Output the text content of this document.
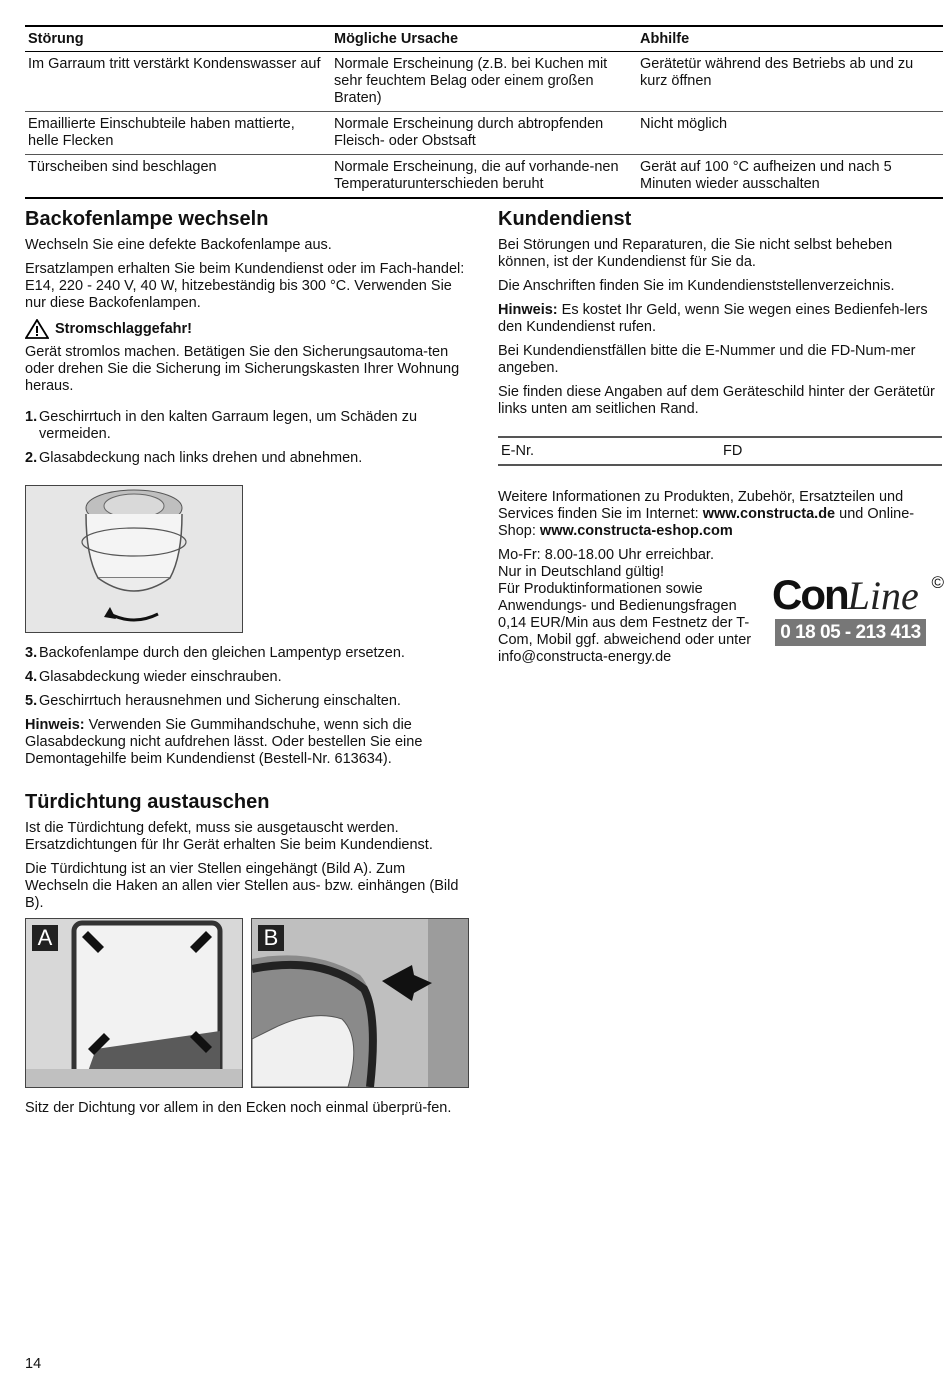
Störung	Mögliche Ursache	Abhilfe
Im Garraum tritt verstärkt Kondenswasser auf	Normale Erscheinung (z.B. bei Kuchen mit sehr feuchtem Belag oder einem großen Braten)	Gerätetür während des Betriebs ab und zu kurz öffnen
Emaillierte Einschubteile haben mattierte, helle Flecken	Normale Erscheinung durch abtropfenden Fleisch- oder Obstsaft	Nicht möglich
Türscheiben sind beschlagen	Normale Erscheinung, die auf vorhande-nen Temperaturunterschieden beruht	Gerät auf 100 °C aufheizen und nach 5 Minuten wieder ausschalten
Backofenlampe wechseln

Wechseln Sie eine defekte Backofenlampe aus.

Ersatzlampen erhalten Sie beim Kundendienst oder im Fach-handel: E14, 220 - 240 V, 40 W, hitzebeständig bis 300 °C. Verwenden Sie nur diese Backofenlampen.

Stromschlaggefahr!

Gerät stromlos machen. Betätigen Sie den Sicherungsautoma-ten oder drehen Sie die Sicherung im Sicherungskasten Ihrer Wohnung heraus.

1. Geschirrtuch in den kalten Garraum legen, um Schäden zu vermeiden.
2. Glasabdeckung nach links drehen und abnehmen.
3. Backofenlampe durch den gleichen Lampentyp ersetzen.
4. Glasabdeckung wieder einschrauben.
5. Geschirrtuch herausnehmen und Sicherung einschalten.

Hinweis: Verwenden Sie Gummihandschuhe, wenn sich die Glasabdeckung nicht aufdrehen lässt. Oder bestellen Sie eine Demontagehilfe beim Kundendienst (Bestell-Nr. 613634).

Türdichtung austauschen

Ist die Türdichtung defekt, muss sie ausgetauscht werden. Ersatzdichtungen für Ihr Gerät erhalten Sie beim Kundendienst.

Die Türdichtung ist an vier Stellen eingehängt (Bild A). Zum Wechseln die Haken an allen vier Stellen aus- bzw. einhängen (Bild B).

A	B

Sitz der Dichtung vor allem in den Ecken noch einmal überprü-fen.

Kundendienst

Bei Störungen und Reparaturen, die Sie nicht selbst beheben können, ist der Kundendienst für Sie da.

Die Anschriften finden Sie im Kundendienststellenverzeichnis.

Hinweis: Es kostet Ihr Geld, wenn Sie wegen eines Bedienfeh-lers den Kundendienst rufen.

Bei Kundendienstfällen bitte die E-Nummer und die FD-Num-mer angeben.

Sie finden diese Angaben auf dem Geräteschild hinter der Gerätetür links unten am seitlichen Rand.

E-Nr.	FD

Weitere Informationen zu Produkten, Zubehör, Ersatzteilen und Services finden Sie im Internet: www.constructa.de und Online-Shop: www.constructa-eshop.com

Mo-Fr: 8.00-18.00 Uhr erreichbar.
Nur in Deutschland gültig!
Für Produktinformationen sowie Anwendungs- und Bedienungsfragen 0,14 EUR/Min aus dem Festnetz der T-Com, Mobil ggf. abweichend oder unter info@constructa-energy.de
ConLine ©
0 18 05 - 213 413
14
